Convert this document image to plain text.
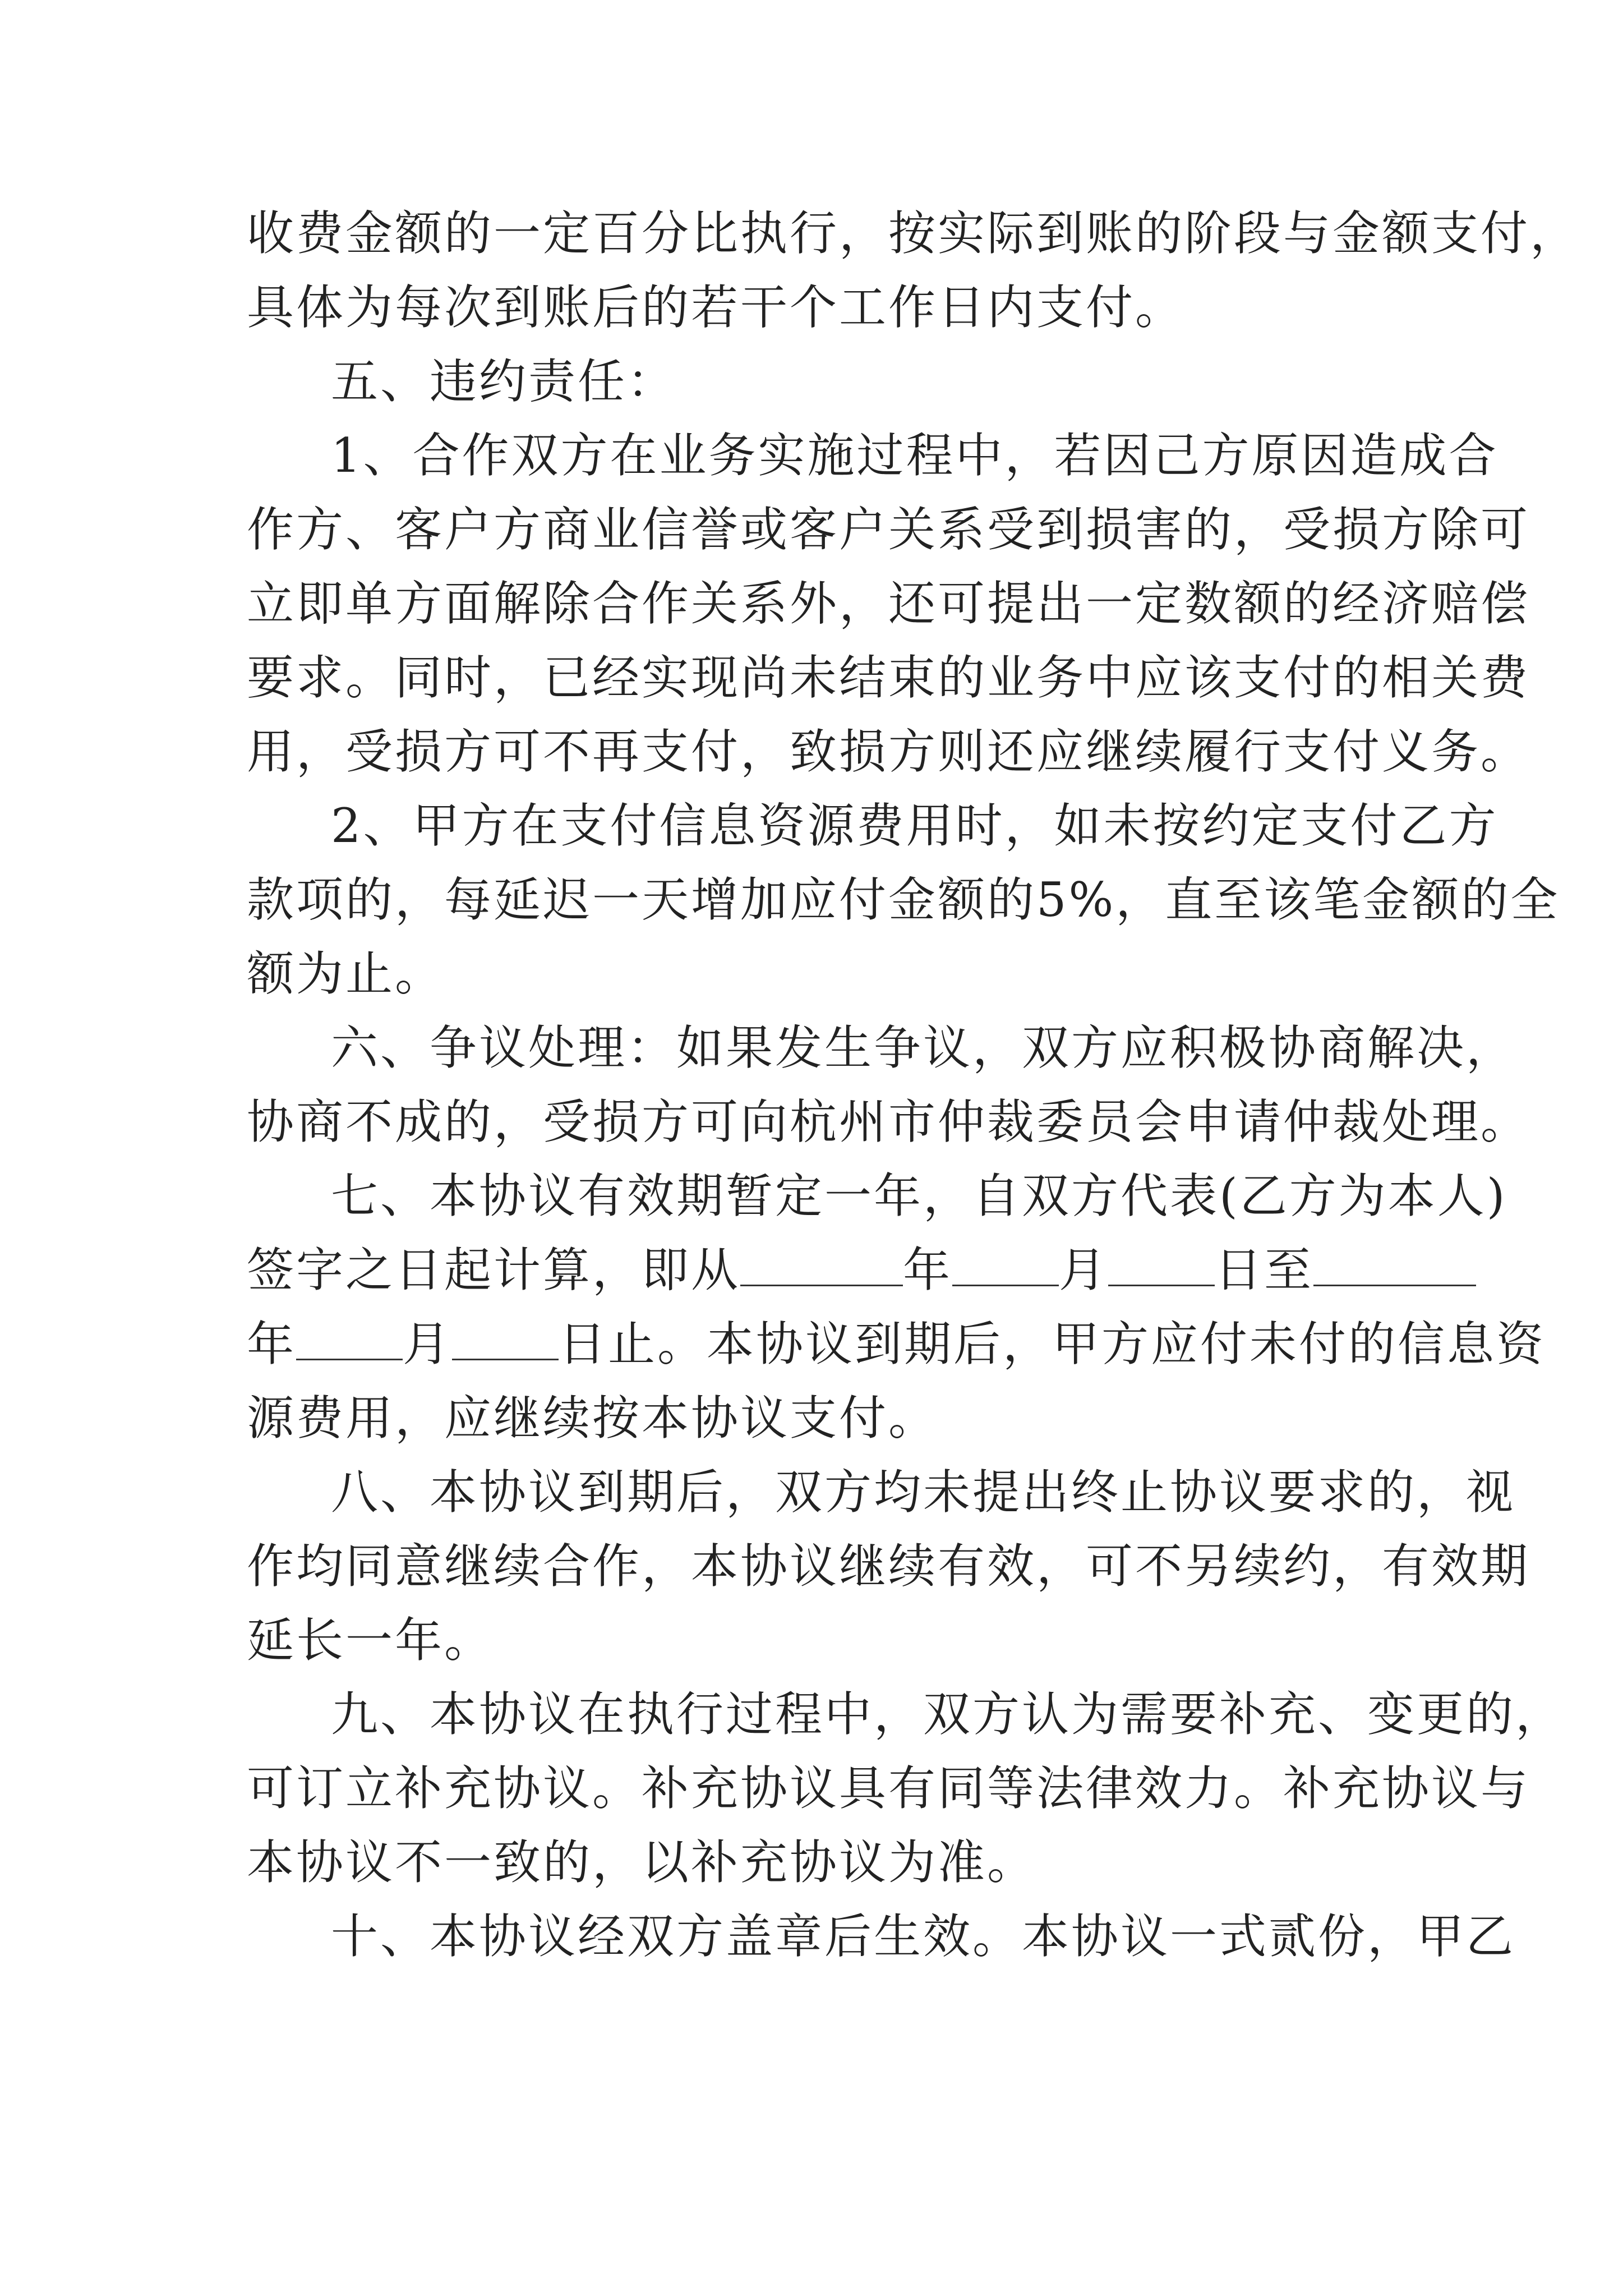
收费金额的一定百分比执行，按实际到账的阶段与金额支付，
具体为每次到账后的若干个工作日内支付。
五、违约责任：
1、合作双方在业务实施过程中，若因己方原因造成合
作方、客户方商业信誉或客户关系受到损害的，受损方除可
立即单方面解除合作关系外，还可提出一定数额的经济赔偿
要求。同时，已经实现尚未结束的业务中应该支付的相关费
用，受损方可不再支付，致损方则还应继续履行支付义务。
2、甲方在支付信息资源费用时，如未按约定支付乙方
款项的，每延迟一天增加应付金额的5%，直至该笔金额的全
额为止。
六、争议处理：如果发生争议，双方应积极协商解决，
协商不成的，受损方可向杭州市仲裁委员会申请仲裁处理。
七、本协议有效期暂定一年，自双方代表(乙方为本人)
签字之日起计算，即从	年 月 日至
年 月 日止。本协议到期后，甲方应付未付的信息资
源费用，应继续按本协议支付。
八、本协议到期后，双方均未提出终止协议要求的，视
作均同意继续合作，本协议继续有效，可不另续约，有效期
延长一年。
九、本协议在执行过程中，双方认为需要补充、变更的，
可订立补充协议。补充协议具有同等法律效力。补充协议与
本协议不一致的，以补充协议为准。
十、本协议经双方盖章后生效。本协议一式贰份，甲乙
